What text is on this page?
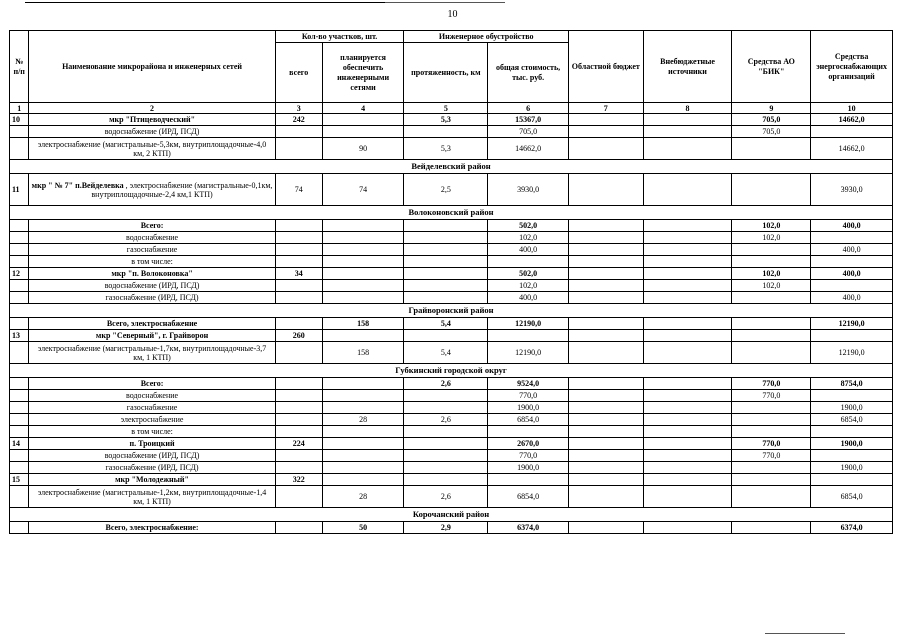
10
№ п/п	Наименование микрорайона и инженерных сетей	Кол-во участков, шт.		Инженерное обустройство		Областной бюджет	Внебюджетные источники	Средства АО "БИК"	Средства энергоснабжающих организаций
		всего	планируется обеспечить инженерными сетями	протяженность, км	общая стоимость, тыс. руб.				
1	2	3	4	5	6	7	8	9	10
10	мкр "Птицеводческий"	242		5,3	15367,0			705,0	14662,0
	водоснабжение (ИРД, ПСД)				705,0			705,0	
	электроснабжение (магистральные-5,3км, внутриплощадочные-4,0 км, 2 КТП)		90	5,3	14662,0				14662,0
Вейделевский район									
11	мкр " № 7" п.Вейделевка , электроснабжение (магистральные-0,1км, внутриплощадочные-2,4 км,1 КТП)	74	74	2,5	3930,0				3930,0
Волоконовский район									
	Всего:				502,0			102,0	400,0
	водоснабжение				102,0			102,0	
	газоснабжение				400,0				400,0
	в том числе:								
12	мкр "п. Волоконовка"	34			502,0			102,0	400,0
	водоснабжение (ИРД, ПСД)				102,0			102,0	
	газоснабжение (ИРД, ПСД)				400,0				400,0
Грайворонский район									
	Всего, электроснабжение		158	5,4	12190,0				12190,0
13	мкр "Северный", г. Грайворон	260							
	электроснабжение (магистральные-1,7км, внутриплощадочные-3,7 км, 1 КТП)		158	5,4	12190,0				12190,0
Губкинский городской округ									
	Всего:			2,6	9524,0			770,0	8754,0
	водоснабжение				770,0			770,0	
	газоснабжение				1900,0				1900,0
	электроснабжение		28	2,6	6854,0				6854,0
	в том числе:								
14	п. Троицкий	224			2670,0			770,0	1900,0
	водоснабжение (ИРД, ПСД)				770,0			770,0	
	газоснабжение (ИРД, ПСД)				1900,0				1900,0
15	мкр "Молодежный"	322							
	электроснабжение (магистральные-1,2км, внутриплощадочные-1,4 км, 1 КТП)		28	2,6	6854,0				6854,0
Корочанский район									
	Всего, электроснабжение:		50	2,9	6374,0				6374,0
